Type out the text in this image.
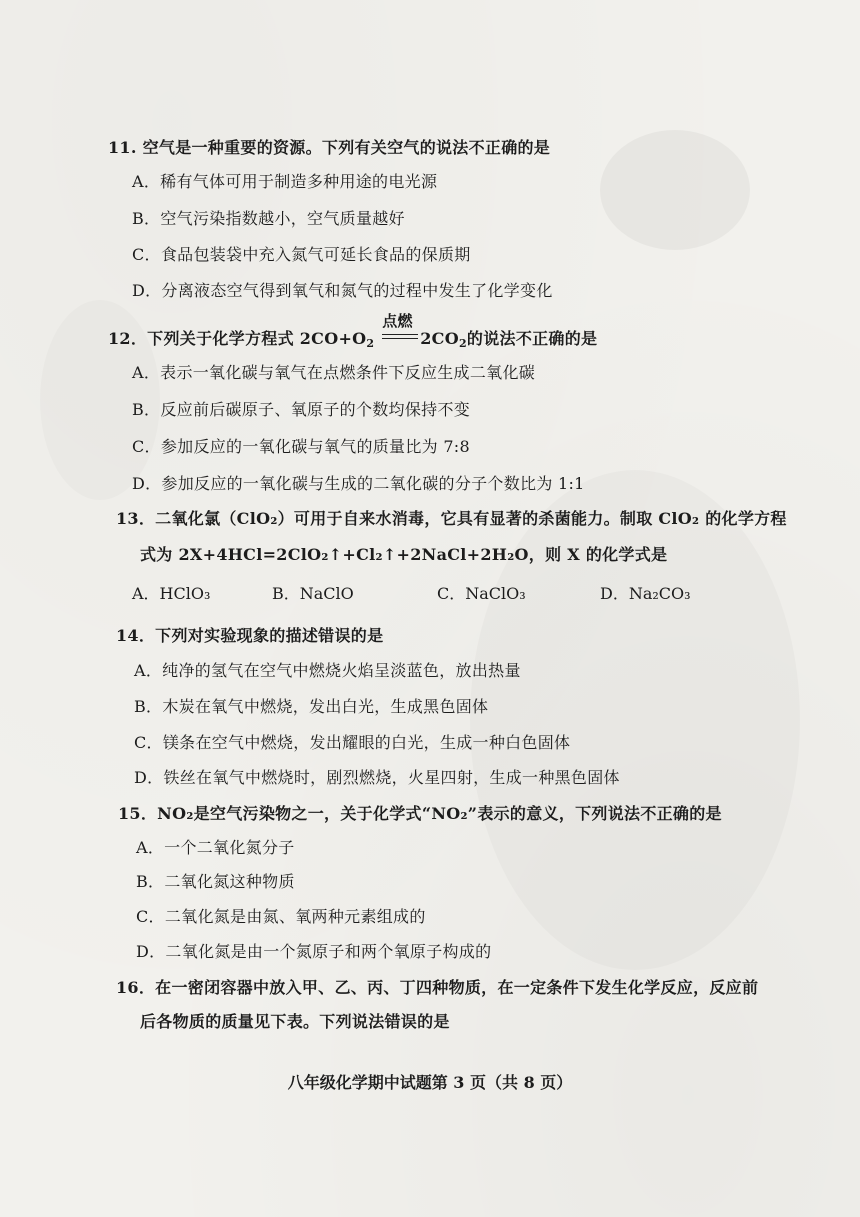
11. 空气是一种重要的资源。下列有关空气的说法不正确的是
A．稀有气体可用于制造多种用途的电光源
B．空气污染指数越小，空气质量越好
C．食品包装袋中充入氮气可延长食品的保质期
D．分离液态空气得到氧气和氮气的过程中发生了化学变化
12．下列关于化学方程式 $2CO+O_2$
点燃
$2CO_2$的说法不正确的是
A．表示一氧化碳与氧气在点燃条件下反应生成二氧化碳
B．反应前后碳原子、氧原子的个数均保持不变
C．参加反应的一氧化碳与氧气的质量比为 7:8
D．参加反应的一氧化碳与生成的二氧化碳的分子个数比为 1:1
13．二氧化氯（ClO₂）可用于自来水消毒，它具有显著的杀菌能力。制取 ClO₂ 的化学方程
式为 2X+4HCl=2ClO₂↑+Cl₂↑+2NaCl+2H₂O，则 X 的化学式是
A．HClO₃	B．NaClO	C．NaClO₃	D．Na₂CO₃
14．下列对实验现象的描述错误的是
A．纯净的氢气在空气中燃烧火焰呈淡蓝色，放出热量
B．木炭在氧气中燃烧，发出白光，生成黑色固体
C．镁条在空气中燃烧，发出耀眼的白光，生成一种白色固体
D．铁丝在氧气中燃烧时，剧烈燃烧，火星四射，生成一种黑色固体
15．NO₂是空气污染物之一，关于化学式“NO₂”表示的意义，下列说法不正确的是
A．一个二氧化氮分子
B．二氧化氮这种物质
C．二氧化氮是由氮、氧两种元素组成的
D．二氧化氮是由一个氮原子和两个氧原子构成的
16．在一密闭容器中放入甲、乙、丙、丁四种物质，在一定条件下发生化学反应，反应前
后各物质的质量见下表。下列说法错误的是
八年级化学期中试题第 3 页（共 8 页）
